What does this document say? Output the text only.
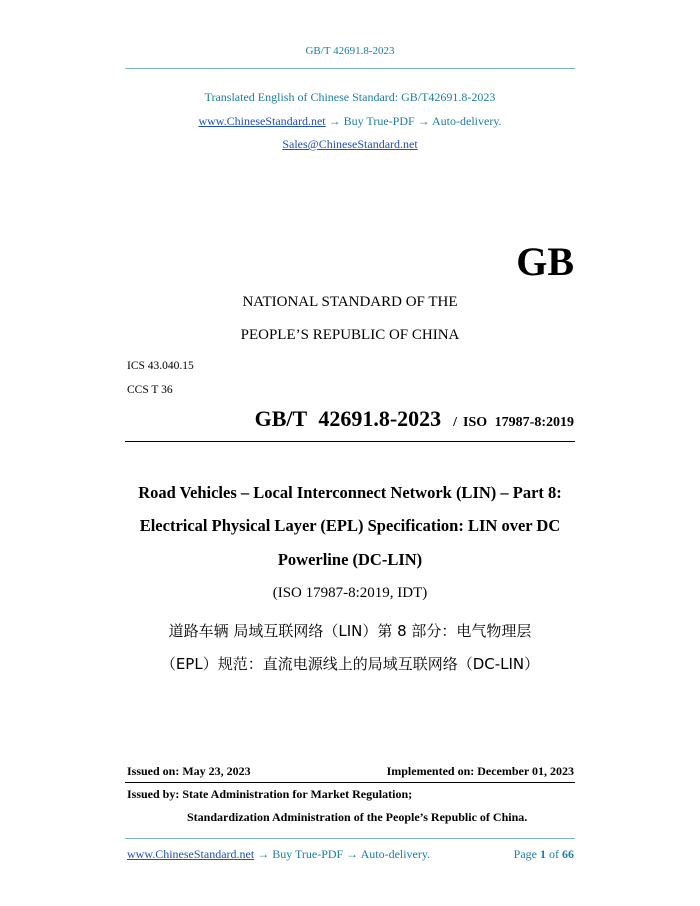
GB/T 42691.8-2023
Translated English of Chinese Standard: GB/T42691.8-2023
www.ChineseStandard.net → Buy True-PDF → Auto-delivery.
Sales@ChineseStandard.net
GB
NATIONAL STANDARD OF THE
PEOPLE’S REPUBLIC OF CHINA
ICS 43.040.15
CCS T 36
GB/T 42691.8-2023 / ISO 17987-8:2019
Road Vehicles – Local Interconnect Network (LIN) – Part 8:
Electrical Physical Layer (EPL) Specification: LIN over DC
Powerline (DC-LIN)
(ISO 17987-8:2019, IDT)
道路车辆 局域互联网络（LIN）第 8 部分：电气物理层
（EPL）规范：直流电源线上的局域互联网络（DC-LIN）
Issued on: May 23, 2023	Implemented on: December 01, 2023
Issued by: State Administration for Market Regulation;
Standardization Administration of the People’s Republic of China.
www.ChineseStandard.net → Buy True-PDF → Auto-delivery.	Page 1 of 66
